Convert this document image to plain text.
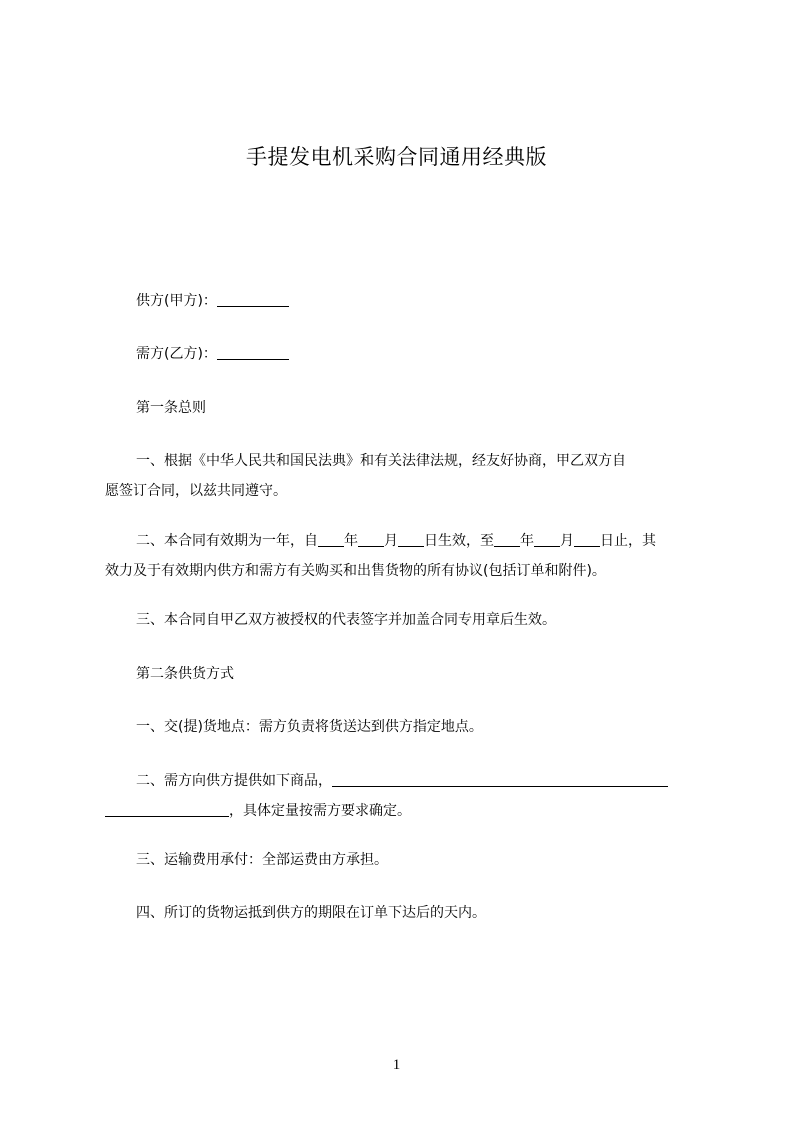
手提发电机采购合同通用经典版
供方(甲方)：
需方(乙方)：
第一条总则
一、根据《中华人民共和国民法典》和有关法律法规，经友好协商，甲乙双方自
愿签订合同，以兹共同遵守。
二、本合同有效期为一年，自 年 月 日生效，至 年 月 日止，其
效力及于有效期内供方和需方有关购买和出售货物的所有协议(包括订单和附件)。
三、本合同自甲乙双方被授权的代表签字并加盖合同专用章后生效。
第二条供货方式
一、交(提)货地点：需方负责将货送达到供方指定地点。
二、需方向供方提供如下商品，
，具体定量按需方要求确定。
三、运输费用承付：全部运费由方承担。
四、所订的货物运抵到供方的期限在订单下达后的天内。
1
